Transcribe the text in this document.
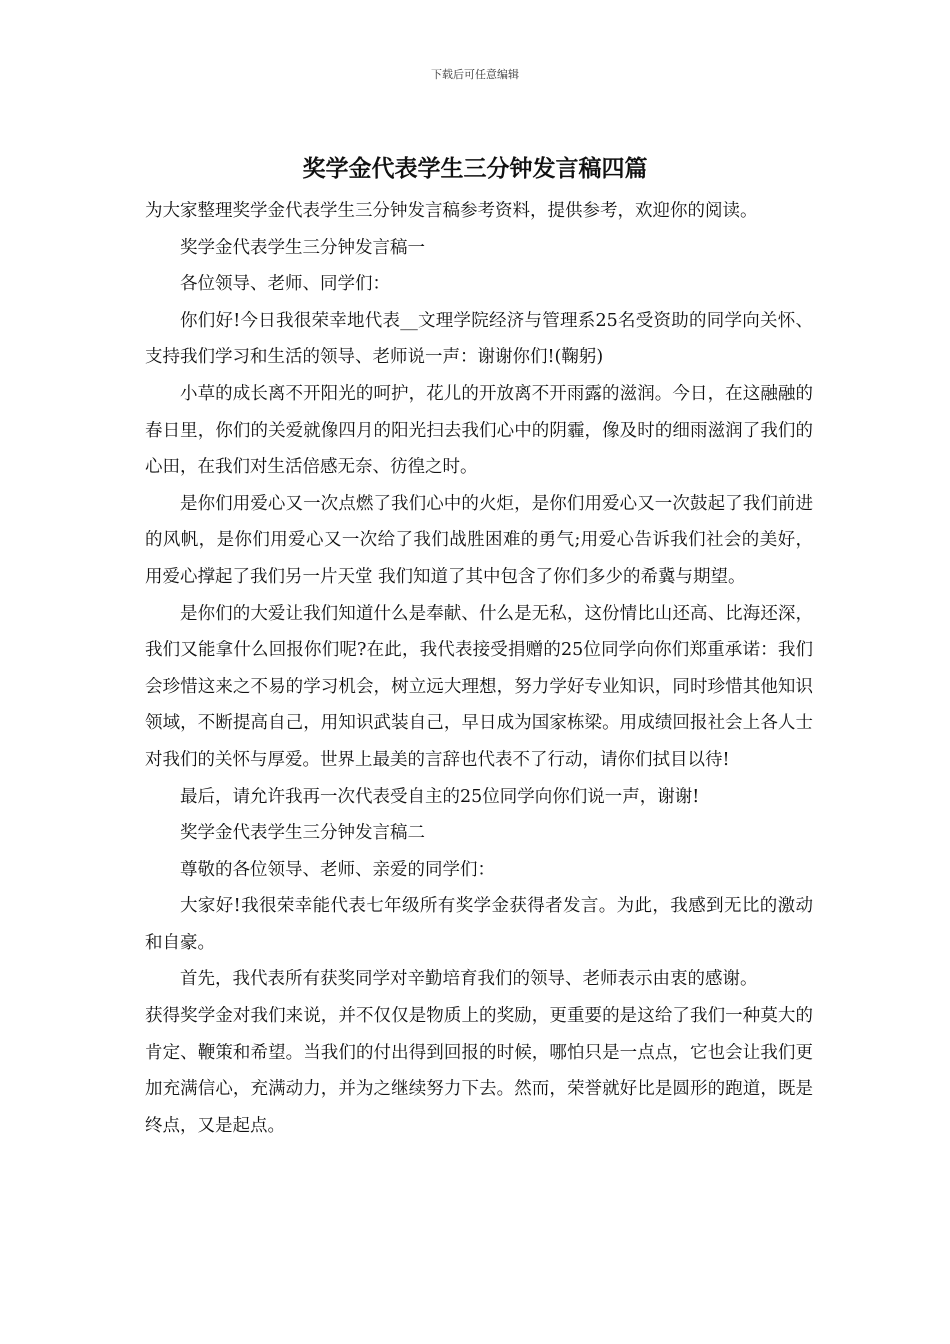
下载后可任意编辑
奖学金代表学生三分钟发言稿四篇

为大家整理奖学金代表学生三分钟发言稿参考资料，提供参考，欢迎你的阅读。

奖学金代表学生三分钟发言稿一

各位领导、老师、同学们：

你们好!今日我很荣幸地代表__文理学院经济与管理系25名受资助的同学向关怀、支持我们学习和生活的领导、老师说一声：谢谢你们!(鞠躬)

小草的成长离不开阳光的呵护，花儿的开放离不开雨露的滋润。今日，在这融融的春日里，你们的关爱就像四月的阳光扫去我们心中的阴霾，像及时的细雨滋润了我们的心田，在我们对生活倍感无奈、彷徨之时。

是你们用爱心又一次点燃了我们心中的火炬，是你们用爱心又一次鼓起了我们前进的风帆，是你们用爱心又一次给了我们战胜困难的勇气;用爱心告诉我们社会的美好，用爱心撑起了我们另一片天堂 我们知道了其中包含了你们多少的希冀与期望。

是你们的大爱让我们知道什么是奉献、什么是无私，这份情比山还高、比海还深，我们又能拿什么回报你们呢?在此，我代表接受捐赠的25位同学向你们郑重承诺：我们会珍惜这来之不易的学习机会，树立远大理想，努力学好专业知识，同时珍惜其他知识领域，不断提高自己，用知识武装自己，早日成为国家栋梁。用成绩回报社会上各人士对我们的关怀与厚爱。世界上最美的言辞也代表不了行动，请你们拭目以待!

最后，请允许我再一次代表受自主的25位同学向你们说一声，谢谢!

奖学金代表学生三分钟发言稿二

尊敬的各位领导、老师、亲爱的同学们：

大家好!我很荣幸能代表七年级所有奖学金获得者发言。为此，我感到无比的激动和自豪。

首先，我代表所有获奖同学对辛勤培育我们的领导、老师表示由衷的感谢。

获得奖学金对我们来说，并不仅仅是物质上的奖励，更重要的是这给了我们一种莫大的肯定、鞭策和希望。当我们的付出得到回报的时候，哪怕只是一点点，它也会让我们更加充满信心，充满动力，并为之继续努力下去。然而，荣誉就好比是圆形的跑道，既是终点，又是起点。
